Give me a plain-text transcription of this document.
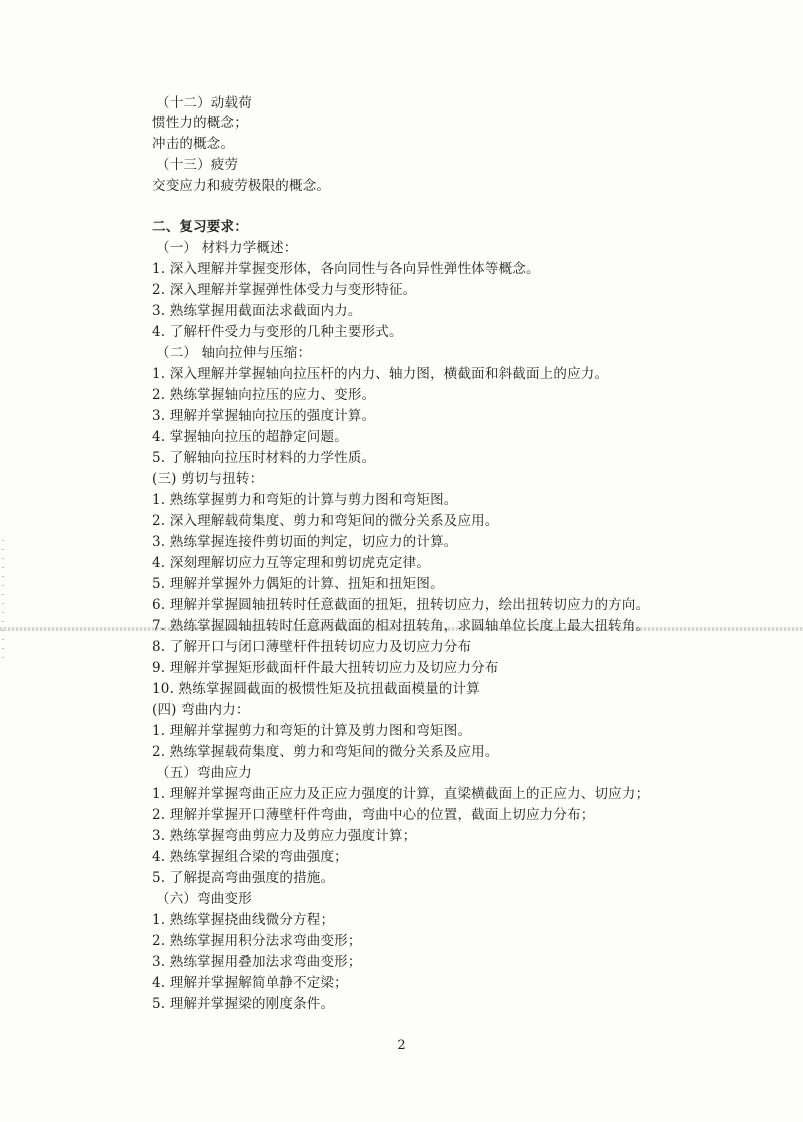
（十二）动载荷
惯性力的概念；
冲击的概念。
（十三）疲劳
交变应力和疲劳极限的概念。
二、复习要求：
（一） 材料力学概述：
1. 深入理解并掌握变形体，各向同性与各向异性弹性体等概念。
2. 深入理解并掌握弹性体受力与变形特征。
3. 熟练掌握用截面法求截面内力。
4. 了解杆件受力与变形的几种主要形式。
（二） 轴向拉伸与压缩：
1. 深入理解并掌握轴向拉压杆的内力、轴力图，横截面和斜截面上的应力。
2. 熟练掌握轴向拉压的应力、变形。
3. 理解并掌握轴向拉压的强度计算。
4. 掌握轴向拉压的超静定问题。
5. 了解轴向拉压时材料的力学性质。
(三) 剪切与扭转：
1. 熟练掌握剪力和弯矩的计算与剪力图和弯矩图。
2. 深入理解载荷集度、剪力和弯矩间的微分关系及应用。
3. 熟练掌握连接件剪切面的判定，切应力的计算。
4. 深刻理解切应力互等定理和剪切虎克定律。
5. 理解并掌握外力偶矩的计算、扭矩和扭矩图。
6. 理解并掌握圆轴扭转时任意截面的扭矩，扭转切应力，绘出扭转切应力的方向。
7. 熟练掌握圆轴扭转时任意两截面的相对扭转角，求圆轴单位长度上最大扭转角。
8. 了解开口与闭口薄壁杆件扭转切应力及切应力分布
9. 理解并掌握矩形截面杆件最大扭转切应力及切应力分布
10. 熟练掌握圆截面的极惯性矩及抗扭截面模量的计算
(四) 弯曲内力：
1. 理解并掌握剪力和弯矩的计算及剪力图和弯矩图。
2. 熟练掌握载荷集度、剪力和弯矩间的微分关系及应用。
（五）弯曲应力
1. 理解并掌握弯曲正应力及正应力强度的计算，直梁横截面上的正应力、切应力；
2. 理解并掌握开口薄壁杆件弯曲，弯曲中心的位置，截面上切应力分布；
3. 熟练掌握弯曲剪应力及剪应力强度计算；
4. 熟练掌握组合梁的弯曲强度；
5. 了解提高弯曲强度的措施。
（六）弯曲变形
1. 熟练掌握挠曲线微分方程；
2. 熟练掌握用积分法求弯曲变形；
3. 熟练掌握用叠加法求弯曲变形；
4. 理解并掌握解简单静不定梁；
5. 理解并掌握梁的刚度条件。
2
